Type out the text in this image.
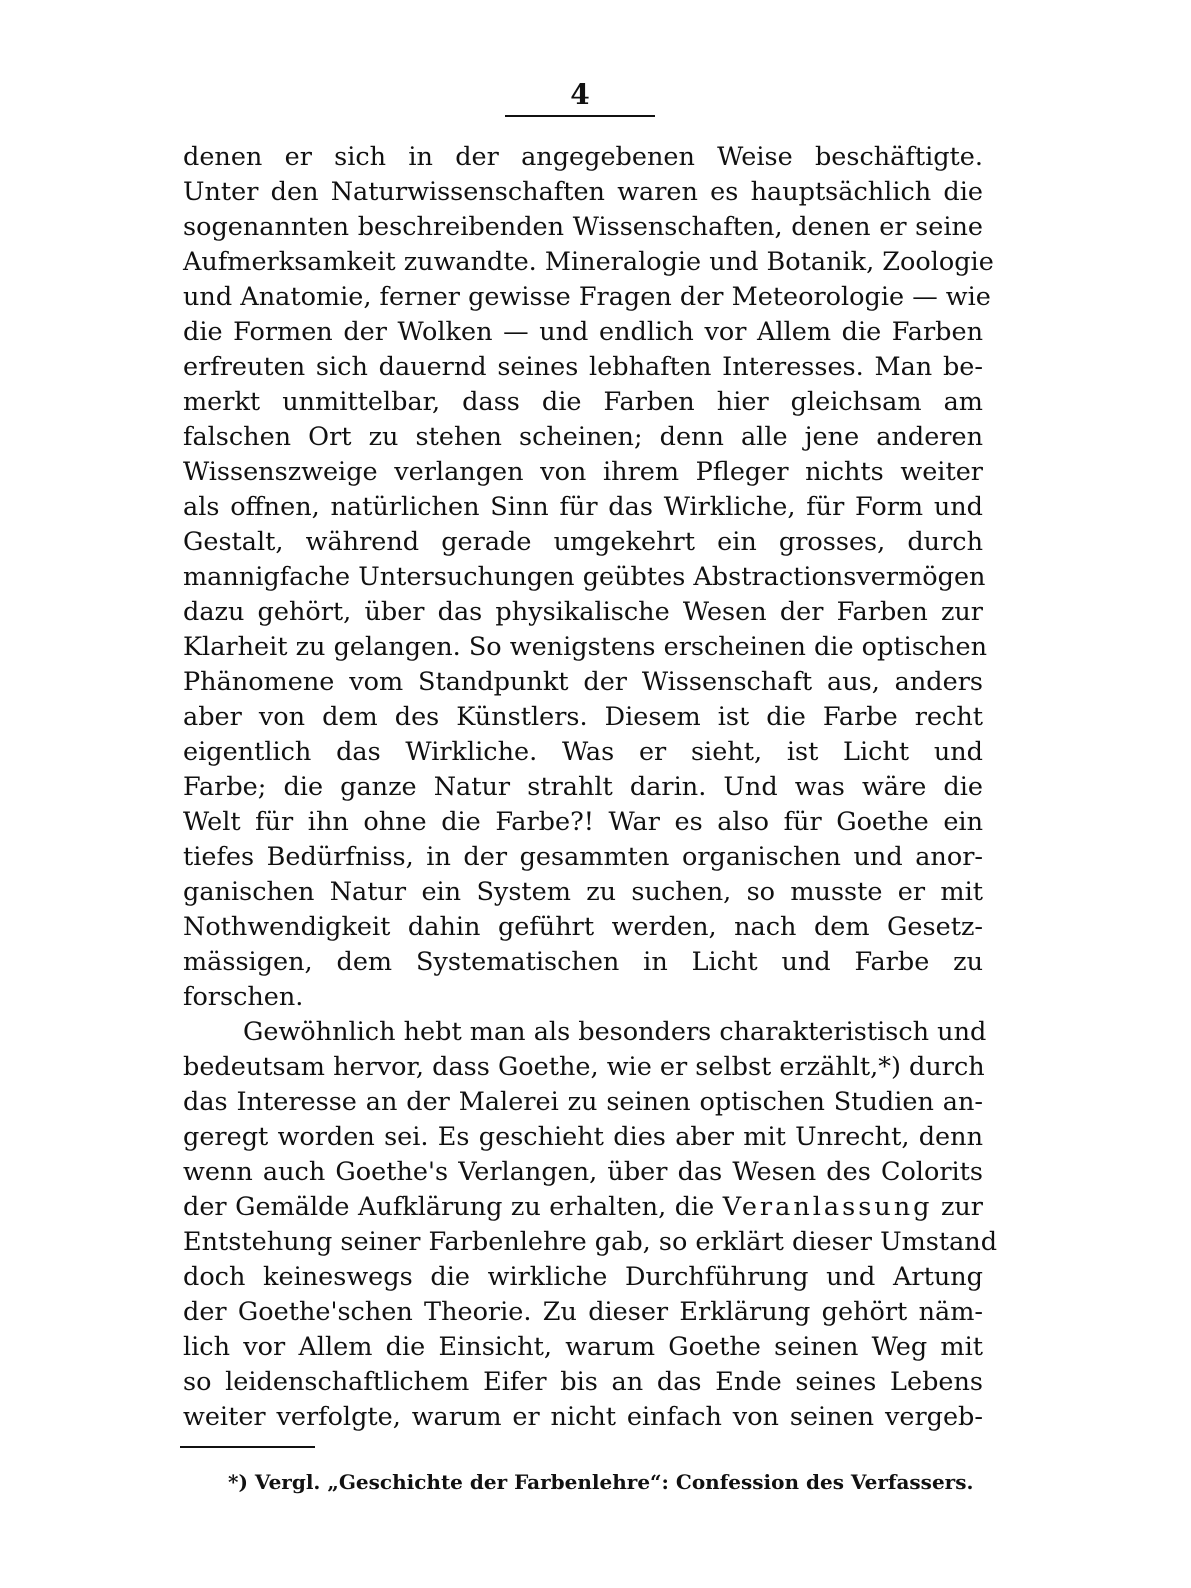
4
denen er sich in der angegebenen Weise beschäftigte.
Unter den Naturwissenschaften waren es hauptsächlich die
sogenannten beschreibenden Wissenschaften, denen er seine
Aufmerksamkeit zuwandte. Mineralogie und Botanik, Zoologie
und Anatomie, ferner gewisse Fragen der Meteorologie — wie
die Formen der Wolken — und endlich vor Allem die Farben
erfreuten sich dauernd seines lebhaften Interesses. Man be-
merkt unmittelbar, dass die Farben hier gleichsam am
falschen Ort zu stehen scheinen; denn alle jene anderen
Wissenszweige verlangen von ihrem Pfleger nichts weiter
als offnen, natürlichen Sinn für das Wirkliche, für Form und
Gestalt, während gerade umgekehrt ein grosses, durch
mannigfache Untersuchungen geübtes Abstractionsvermögen
dazu gehört, über das physikalische Wesen der Farben zur
Klarheit zu gelangen. So wenigstens erscheinen die optischen
Phänomene vom Standpunkt der Wissenschaft aus, anders
aber von dem des Künstlers. Diesem ist die Farbe recht
eigentlich das Wirkliche. Was er sieht, ist Licht und
Farbe; die ganze Natur strahlt darin. Und was wäre die
Welt für ihn ohne die Farbe?! War es also für Goethe ein
tiefes Bedürfniss, in der gesammten organischen und anor-
ganischen Natur ein System zu suchen, so musste er mit
Nothwendigkeit dahin geführt werden, nach dem Gesetz-
mässigen, dem Systematischen in Licht und Farbe zu
forschen.
Gewöhnlich hebt man als besonders charakteristisch und
bedeutsam hervor, dass Goethe, wie er selbst erzählt,*) durch
das Interesse an der Malerei zu seinen optischen Studien an-
geregt worden sei. Es geschieht dies aber mit Unrecht, denn
wenn auch Goethe's Verlangen, über das Wesen des Colorits
der Gemälde Aufklärung zu erhalten, die Veranlassung zur
Entstehung seiner Farbenlehre gab, so erklärt dieser Umstand
doch keineswegs die wirkliche Durchführung und Artung
der Goethe'schen Theorie. Zu dieser Erklärung gehört näm-
lich vor Allem die Einsicht, warum Goethe seinen Weg mit
so leidenschaftlichem Eifer bis an das Ende seines Lebens
weiter verfolgte, warum er nicht einfach von seinen vergeb-
*) Vergl. „Geschichte der Farbenlehre“: Confession des Verfassers.
